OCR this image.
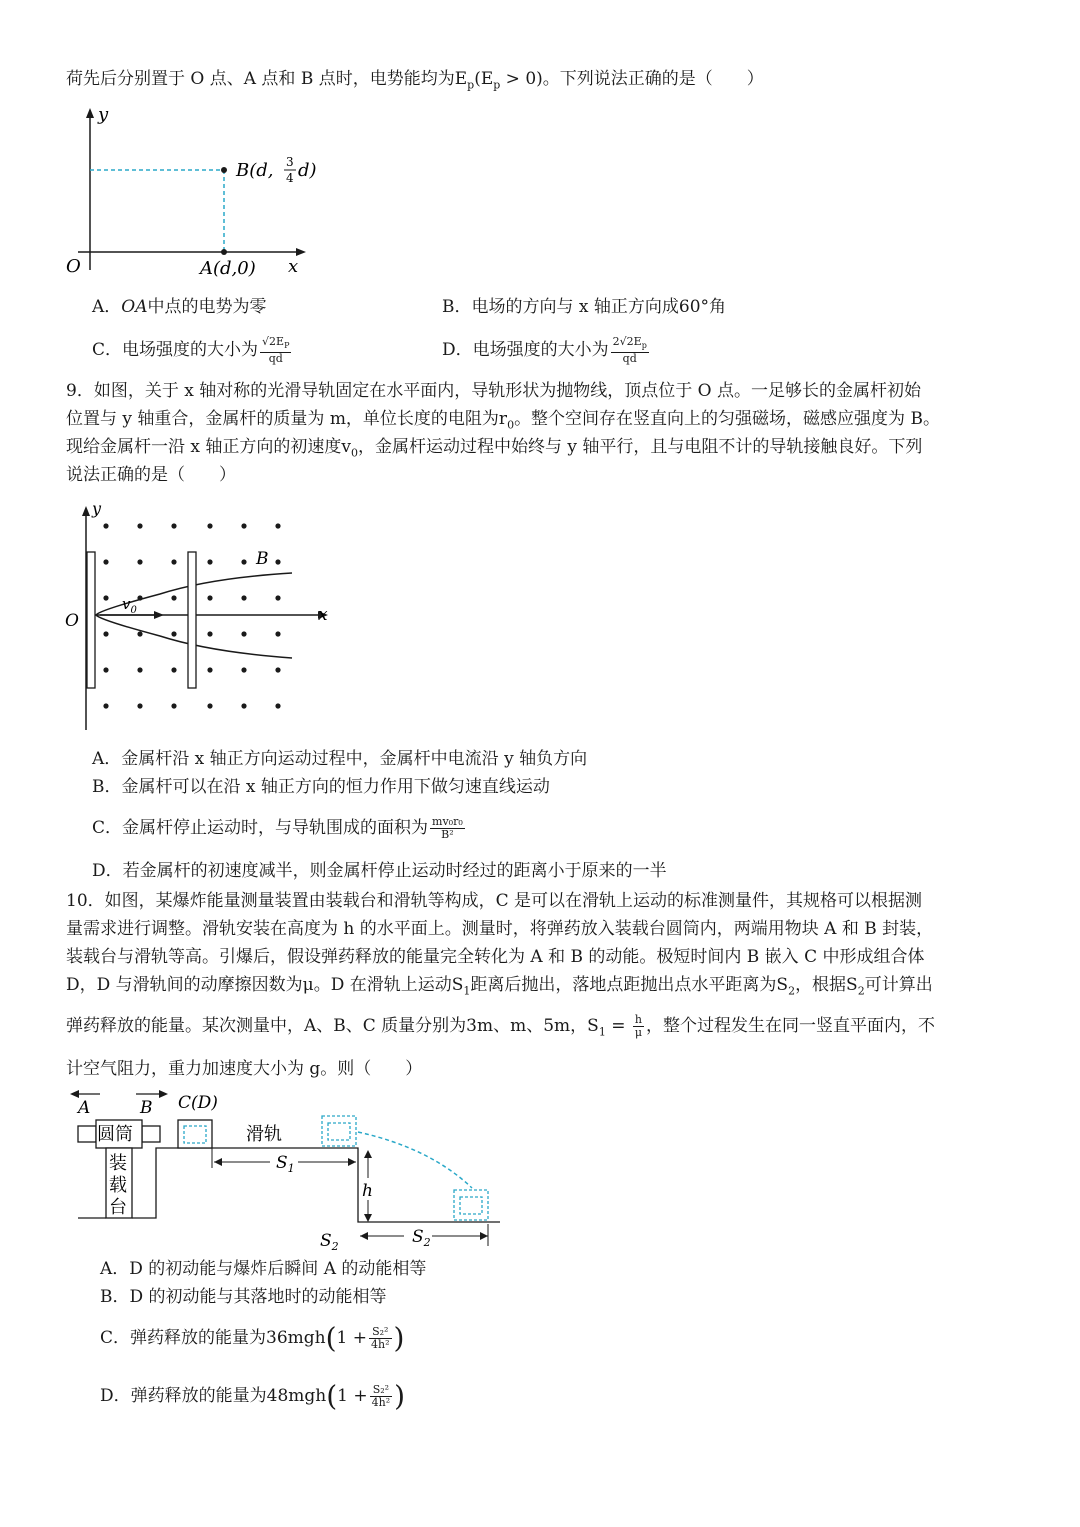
荷先后分别置于 O 点、A 点和 B 点时，电势能均为$E_p(E_p > 0)$。下列说法正确的是（　　）
y
x
O
B(d, 3
4 d)
A(d,0)
A．OA中点的电势为零	B．电场的方向与 x 轴正方向成60°角
C．电场强度的大小为 $\frac{√2E_P}{qd}$	D．电场强度的大小为 $\frac{2√2E_p}{qd}$
9．如图，关于 x 轴对称的光滑导轨固定在水平面内，导轨形状为抛物线，顶点位于 O 点。一足够长的金属杆初始
位置与 y 轴重合，金属杆的质量为 m，单位长度的电阻为$r_0$。整个空间存在竖直向上的匀强磁场，磁感应强度为 B。
现给金属杆一沿 x 轴正方向的初速度$v_0$，金属杆运动过程中始终与 y 轴平行，且与电阻不计的导轨接触良好。下列
说法正确的是（　　）
y
x
O
B
$v_0$
A．金属杆沿 x 轴正方向运动过程中，金属杆中电流沿 y 轴负方向
B．金属杆可以在沿 x 轴正方向的恒力作用下做匀速直线运动
C．金属杆停止运动时，与导轨围成的面积为 $\frac{\text{mv₀r₀}}{\text{B²}}$
D．若金属杆的初速度减半，则金属杆停止运动时经过的距离小于原来的一半
10．如图，某爆炸能量测量装置由装载台和滑轨等构成，C 是可以在滑轨上运动的标准测量件，其规格可以根据测
量需求进行调整。滑轨安装在高度为 h 的水平面上。测量时，将弹药放入装载台圆筒内，两端用物块 A 和 B 封装，
装载台与滑轨等高。引爆后，假设弹药释放的能量完全转化为 A 和 B 的动能。极短时间内 B 嵌入 C 中形成组合体
D，D 与滑轨间的动摩擦因数为μ。D 在滑轨上运动$S_1$距离后抛出，落地点距抛出点水平距离为$S_2$，根据$S_2$可计算出
弹药释放的能量。某次测量中，A、B、C 质量分别为3m、m、5m，$S_1 = \frac{h}{\mu}$ ，整个过程发生在同一竖直平面内，不
计空气阻力，重力加速度大小为 g。则（　　）
A	B C(D)
圆筒
装
载
台
滑轨
$S_1$
h
$S_2$
$S_2$
A．D 的初动能与爆炸后瞬间 A 的动能相等
B．D 的初动能与其落地时的动能相等
C．弹药释放的能量为$36mgh(1 + \frac{\text{S₂²}}{\text{4h²}}$ )
D．弹药释放的能量为$48mgh(1 + \frac{\text{S₂²}}{\text{4h²}}$ )
